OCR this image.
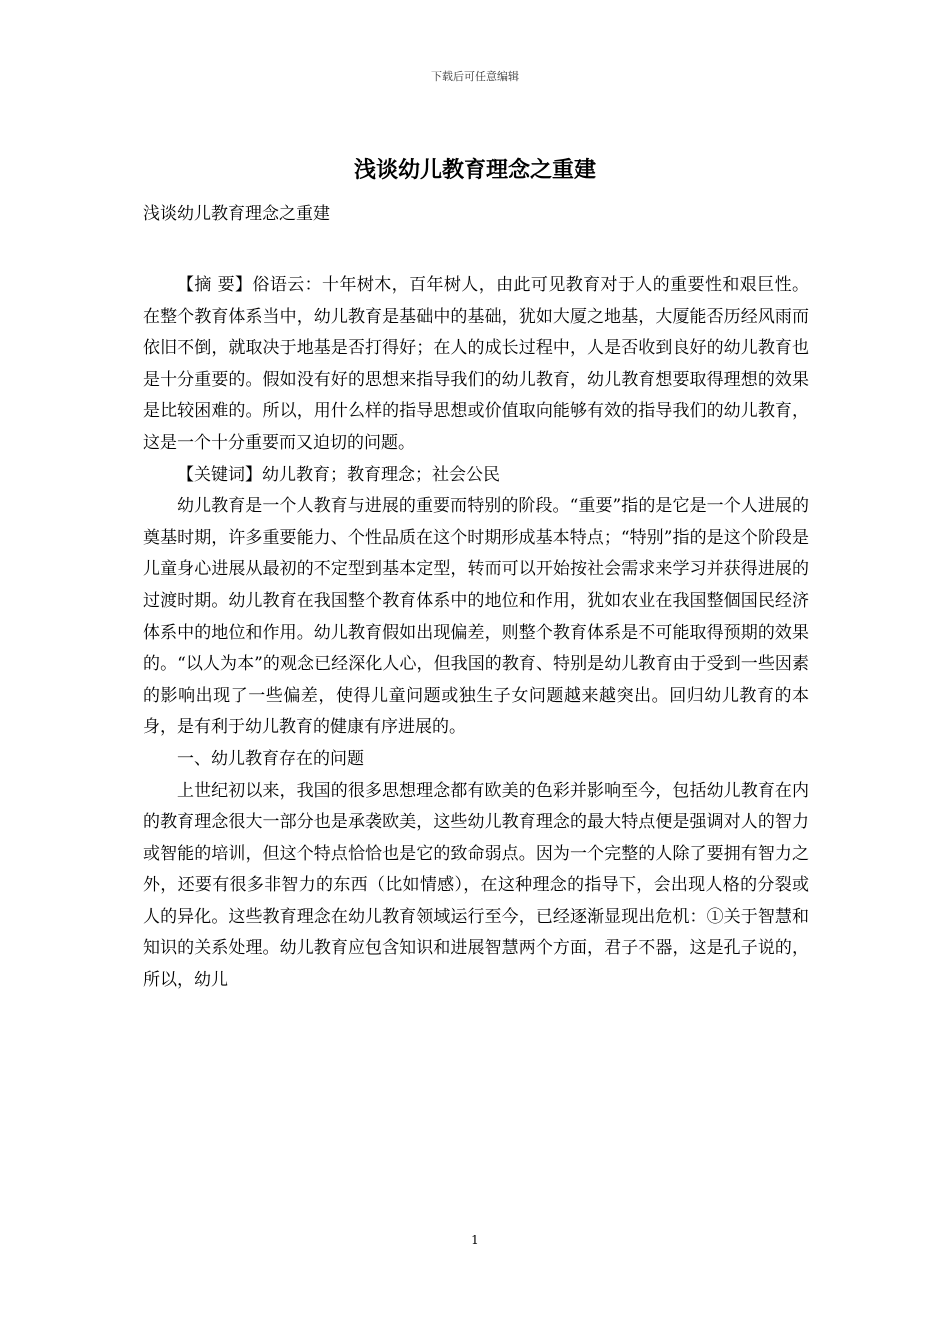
下载后可任意编辑
浅谈幼儿教育理念之重建
浅谈幼儿教育理念之重建

【摘 要】俗语云：十年树木，百年树人，由此可见教育对于人的重要性和艰巨性。在整个教育体系当中，幼儿教育是基础中的基础，犹如大厦之地基，大厦能否历经风雨而依旧不倒，就取决于地基是否打得好；在人的成长过程中，人是否收到良好的幼儿教育也是十分重要的。假如没有好的思想来指导我们的幼儿教育，幼儿教育想要取得理想的效果是比较困难的。所以，用什么样的指导思想或价值取向能够有效的指导我们的幼儿教育，这是一个十分重要而又迫切的问题。

【关键词】幼儿教育；教育理念；社会公民

幼儿教育是一个人教育与进展的重要而特别的阶段。“重要”指的是它是一个人进展的奠基时期，许多重要能力、个性品质在这个时期形成基本特点；“特别”指的是这个阶段是儿童身心进展从最初的不定型到基本定型，转而可以开始按社会需求来学习并获得进展的过渡时期。幼儿教育在我国整个教育体系中的地位和作用，犹如农业在我国整個国民经济体系中的地位和作用。幼儿教育假如出现偏差，则整个教育体系是不可能取得预期的效果的。“以人为本”的观念已经深化人心，但我国的教育、特别是幼儿教育由于受到一些因素的影响出现了一些偏差，使得儿童问题或独生子女问题越来越突出。回归幼儿教育的本身，是有利于幼儿教育的健康有序进展的。

一、幼儿教育存在的问题

上世纪初以来，我国的很多思想理念都有欧美的色彩并影响至今，包括幼儿教育在内的教育理念很大一部分也是承袭欧美，这些幼儿教育理念的最大特点便是强调对人的智力或智能的培训，但这个特点恰恰也是它的致命弱点。因为一个完整的人除了要拥有智力之外，还要有很多非智力的东西（比如情感），在这种理念的指导下，会出现人格的分裂或人的异化。这些教育理念在幼儿教育领域运行至今，已经逐渐显现出危机：①关于智慧和知识的关系处理。幼儿教育应包含知识和进展智慧两个方面，君子不器，这是孔子说的，所以，幼儿

1
